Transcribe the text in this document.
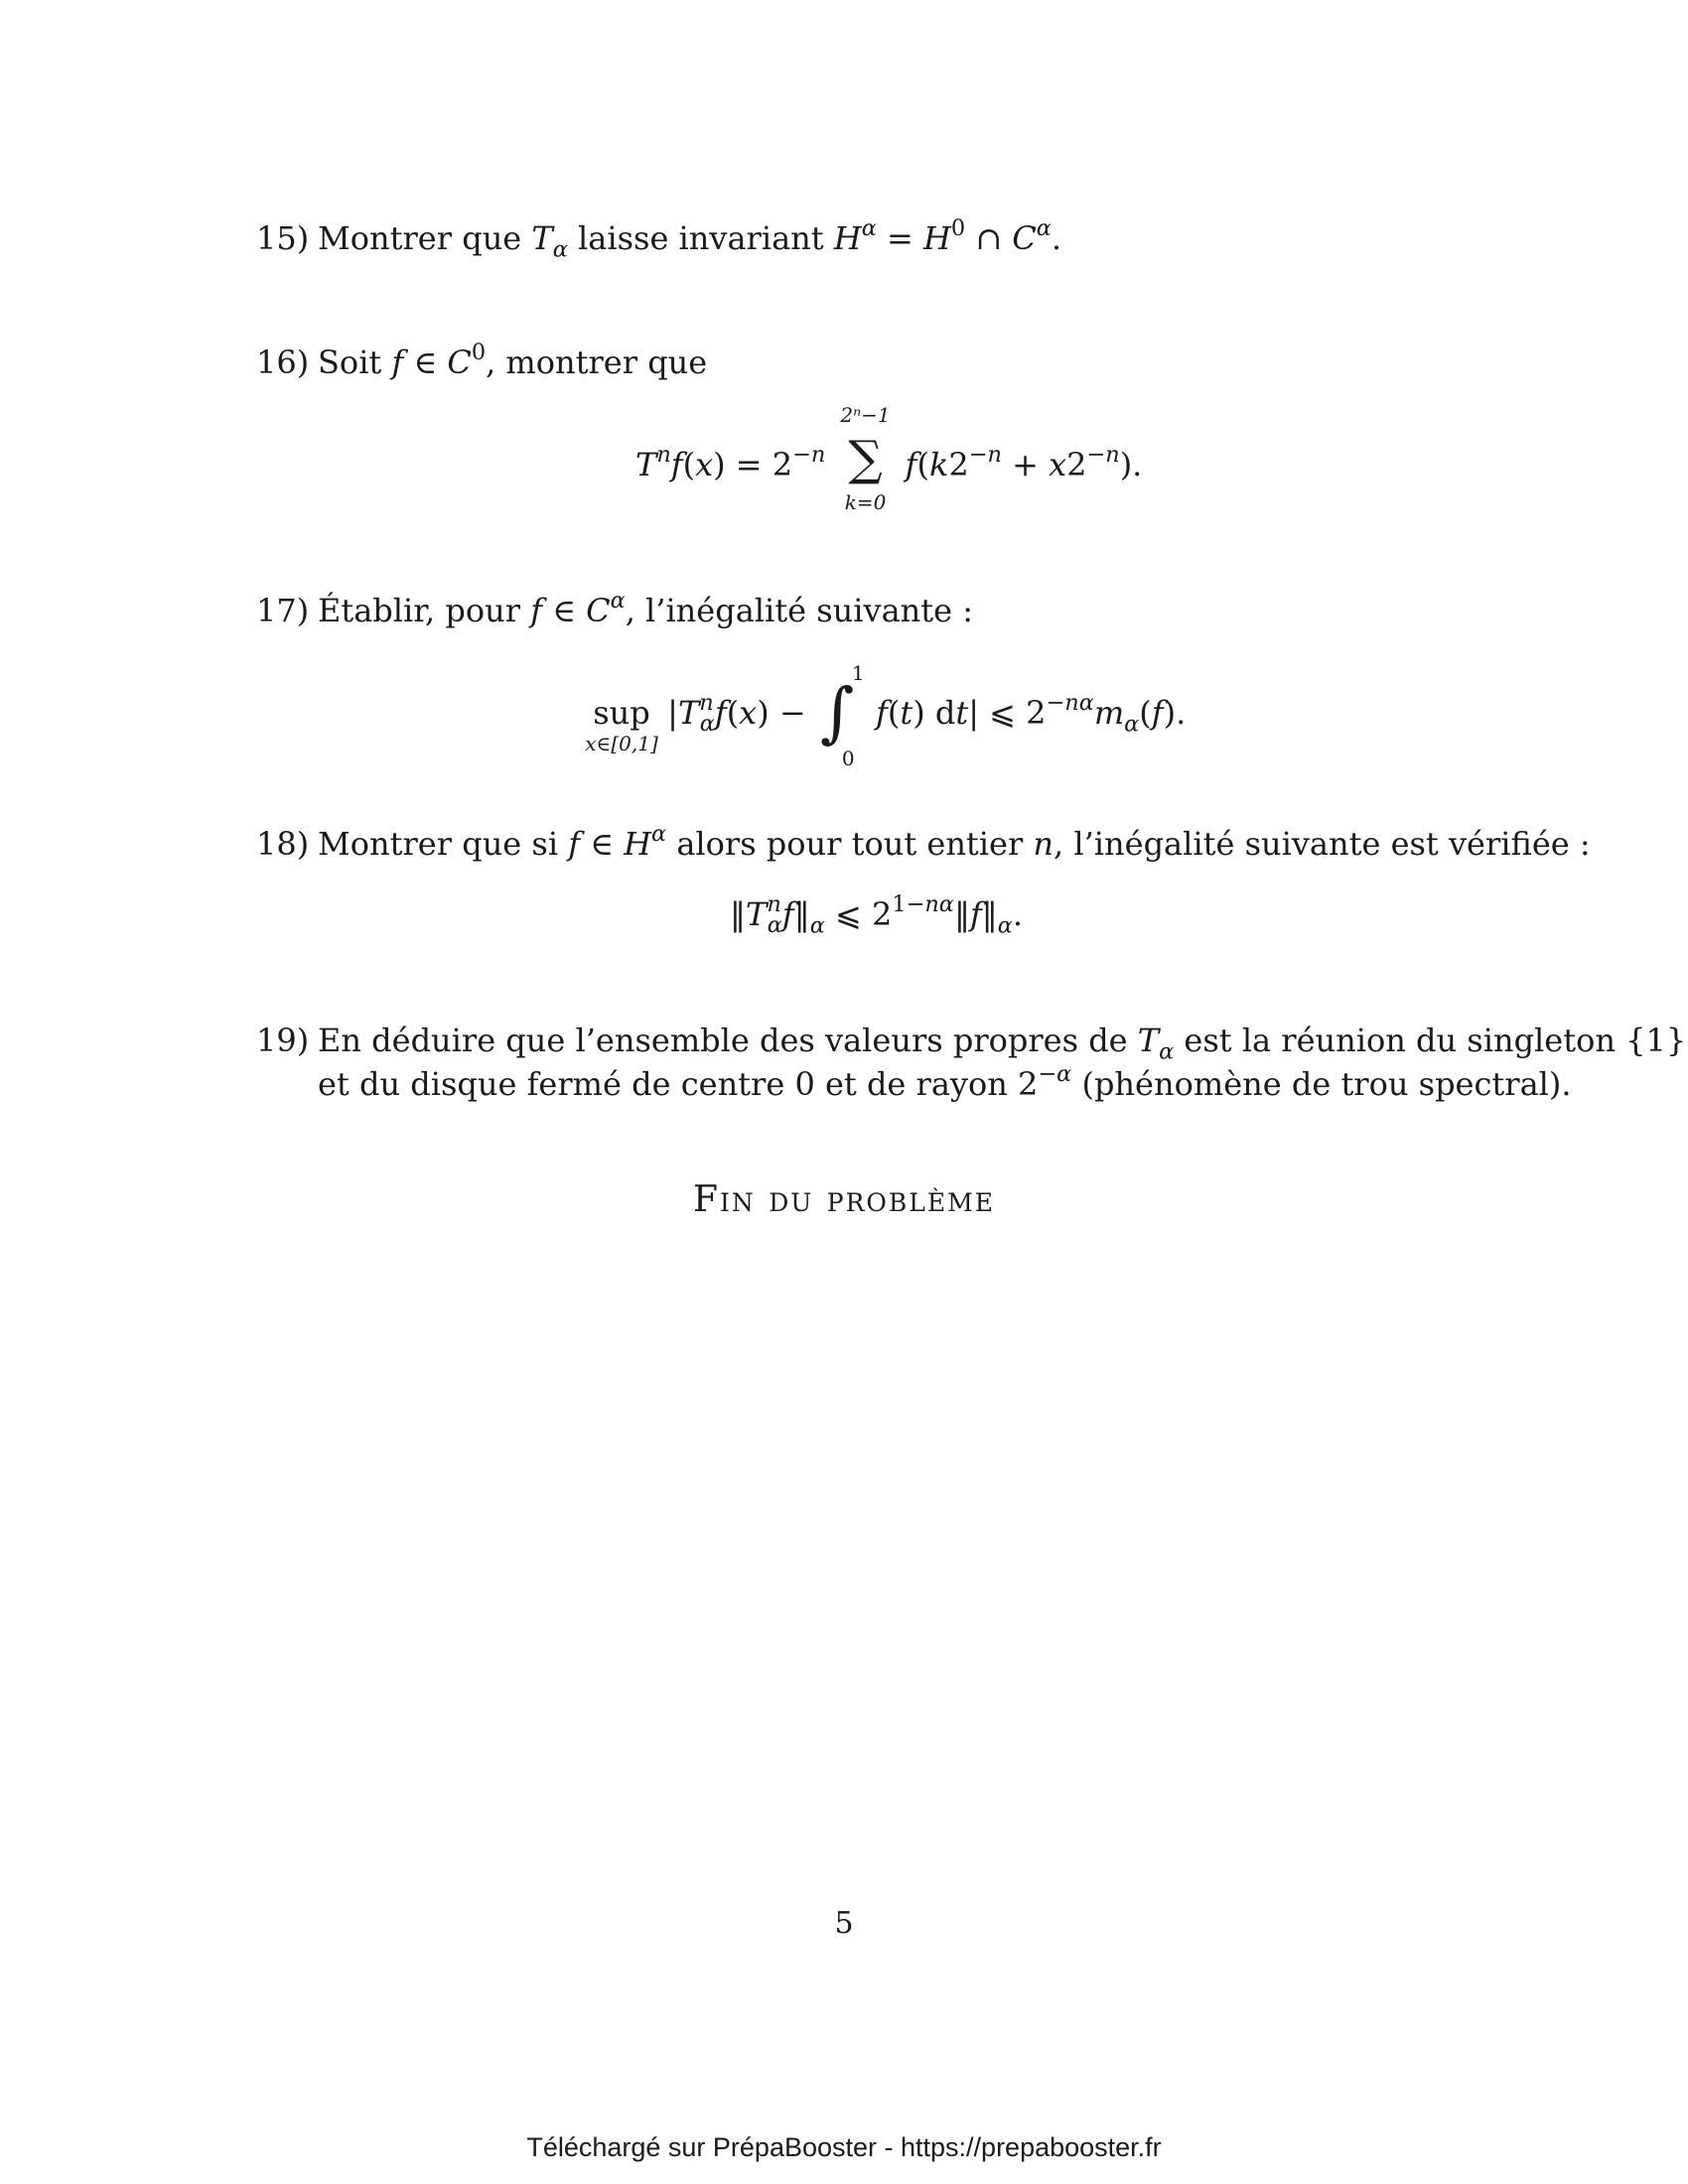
15) Montrer que $T_\alpha$ laisse invariant $H^\alpha = H^0$ ∩ $C^\alpha$.
16) Soit f ∈ $C^0$, montrer que
$T^nf(x) = 2^{-n}$
2ⁿ−1
∑
k=0
$f(k2^{-n} + x2^{-n})$.
17) Établir, pour f ∈ $C^\alpha$, l’inégalité suivante :
sup
x∈[0,1]
$|T^n_\alpha f(x)$ − ∫
1
0
f(t) dt| ⩽ $2^{-n\alpha}m_\alpha(f)$.
18) Montrer que si f ∈ $H^\alpha$ alors pour tout entier n, l’inégalité suivante est vérifiée :
$‖T^n_\alpha f‖_\alpha$ ⩽ $2^{1-n\alpha}‖f‖_\alpha$.
19) En déduire que l’ensemble des valeurs propres de $T_\alpha$ est la réunion du singleton {1}
et du disque fermé de centre 0 et de rayon $2^{-\alpha}$ (phénomène de trou spectral).
Fin du problème
5
Téléchargé sur PrépaBooster - https://prepabooster.fr
